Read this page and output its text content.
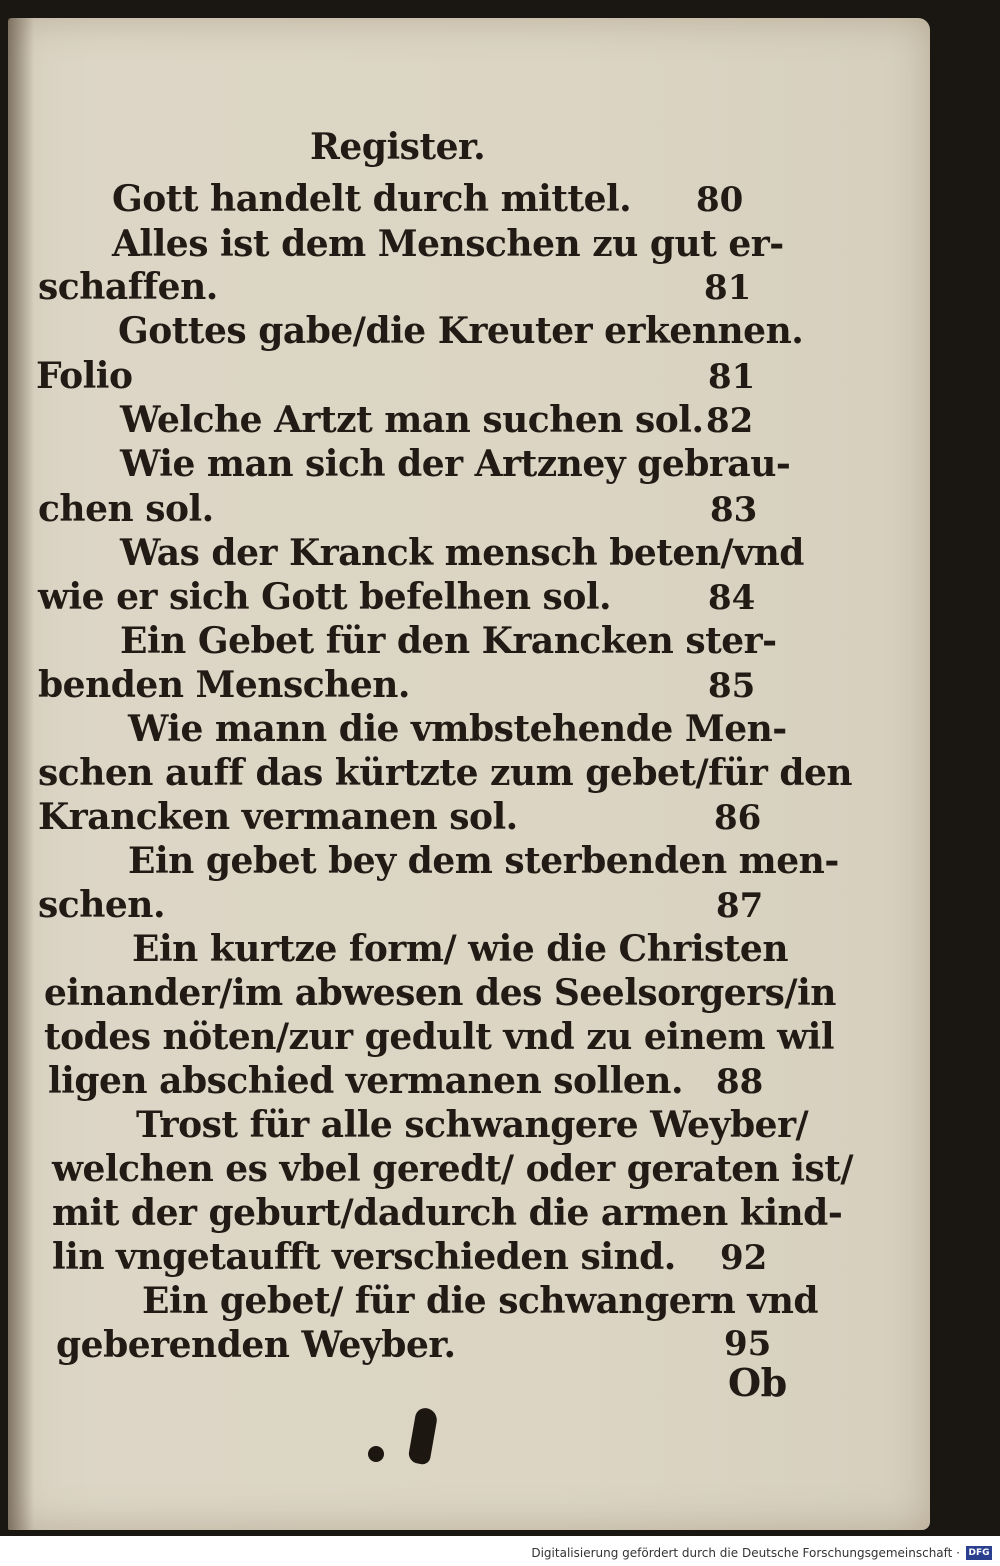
Register.
Gott handelt durch mittel. 80
Alles ist dem Menschen zu gut er-
schaffen.	81
Gottes gabe/die Kreuter erkennen.
Folio	81
Welche Artzt man suchen sol. 82
Wie man sich der Artzney gebrau-
chen sol.	83
Was der Kranck mensch beten/vnd
wie er sich Gott befelhen sol.	84
Ein Gebet für den Krancken ster-
benden Menschen.	85
Wie mann die vmbstehende Men-
schen auff das kürtzte zum gebet/für den
Krancken vermanen sol.	86
Ein gebet bey dem sterbenden men-
schen.	87
Ein kurtze form/ wie die Christen
einander/im abwesen des Seelsorgers/in
todes nöten/zur gedult vnd zu einem wil
ligen abschied vermanen sollen. 88
Trost für alle schwangere Weyber/
welchen es vbel geredt/ oder geraten ist/
mit der geburt/dadurch die armen kind-
lin vngetaufft verschieden sind. 92
Ein gebet/ für die schwangern vnd
geberenden Weyber.	95
Ob
Digitalisierung gefördert durch die Deutsche Forschungsgemeinschaft · DFG
